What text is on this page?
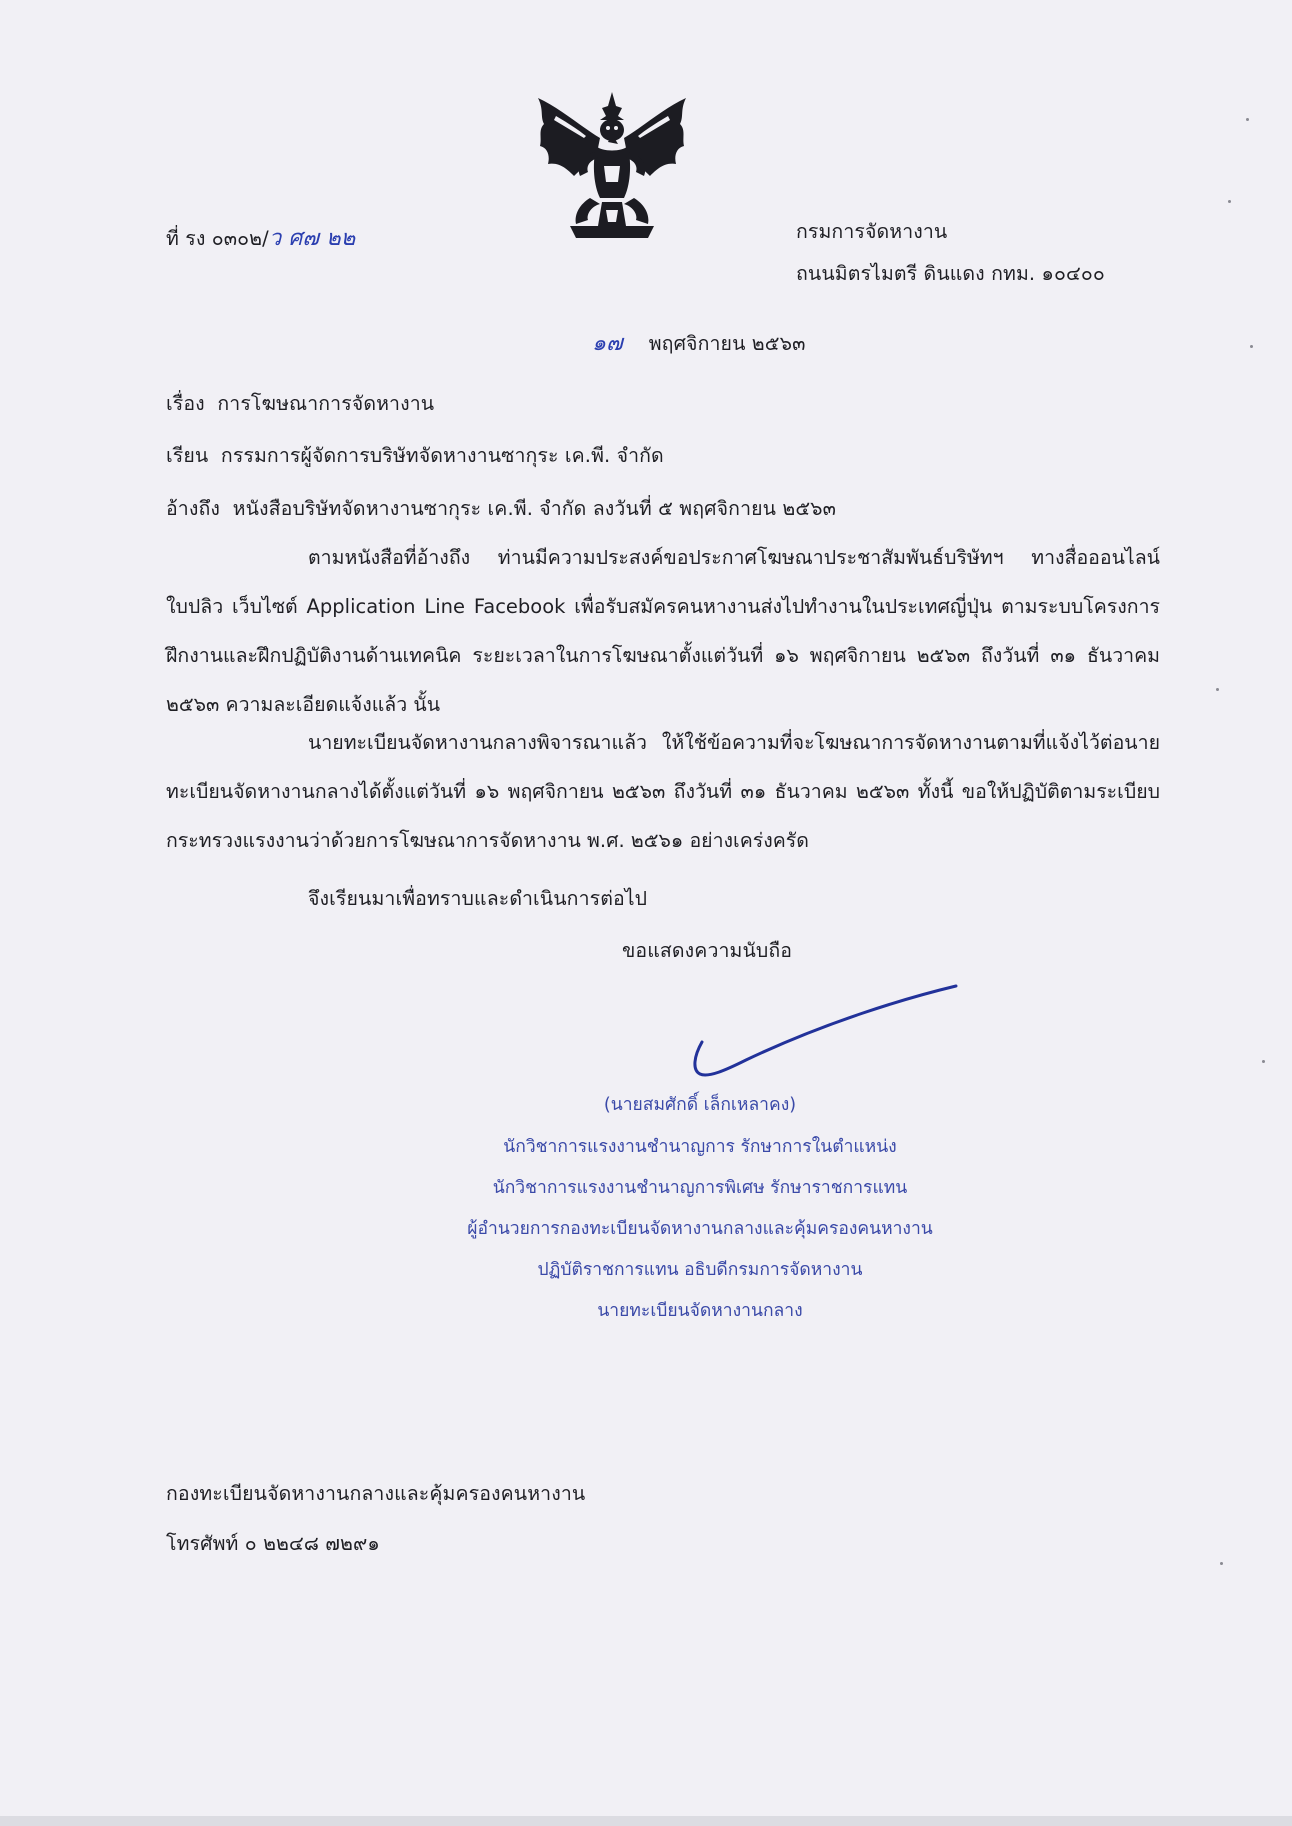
ที่ รง ๐๓๐๒/ว ศ๗ ๒๒	กรมการจัดหางาน
ถนนมิตรไมตรี ดินแดง กทม. ๑๐๔๐๐
๑๗ พฤศจิกายน ๒๕๖๓
เรื่อง การโฆษณาการจัดหางาน
เรียน กรรมการผู้จัดการบริษัทจัดหางานซากุระ เค.พี. จำกัด
อ้างถึง หนังสือบริษัทจัดหางานซากุระ เค.พี. จำกัด ลงวันที่ ๕ พฤศจิกายน ๒๕๖๓
ตามหนังสือที่อ้างถึง ท่านมีความประสงค์ขอประกาศโฆษณาประชาสัมพันธ์บริษัทฯ ทางสื่อออนไลน์ ใบปลิว เว็บไซต์ Application Line Facebook เพื่อรับสมัครคนหางานส่งไปทำงานในประเทศญี่ปุ่น ตามระบบโครงการฝึกงานและฝึกปฏิบัติงานด้านเทคนิค ระยะเวลาในการโฆษณาตั้งแต่วันที่ ๑๖ พฤศจิกายน ๒๕๖๓ ถึงวันที่ ๓๑ ธันวาคม ๒๕๖๓ ความละเอียดแจ้งแล้ว นั้น
นายทะเบียนจัดหางานกลางพิจารณาแล้ว ให้ใช้ข้อความที่จะโฆษณาการจัดหางานตามที่แจ้งไว้ต่อนายทะเบียนจัดหางานกลางได้ตั้งแต่วันที่ ๑๖ พฤศจิกายน ๒๕๖๓ ถึงวันที่ ๓๑ ธันวาคม ๒๕๖๓ ทั้งนี้ ขอให้ปฏิบัติตามระเบียบกระทรวงแรงงานว่าด้วยการโฆษณาการจัดหางาน พ.ศ. ๒๕๖๑ อย่างเคร่งครัด
จึงเรียนมาเพื่อทราบและดำเนินการต่อไป
ขอแสดงความนับถือ
(นายสมศักดิ์ เล็กเหลาคง)
นักวิชาการแรงงานชำนาญการ รักษาการในตำแหน่ง
นักวิชาการแรงงานชำนาญการพิเศษ รักษาราชการแทน
ผู้อำนวยการกองทะเบียนจัดหางานกลางและคุ้มครองคนหางาน
ปฏิบัติราชการแทน อธิบดีกรมการจัดหางาน
นายทะเบียนจัดหางานกลาง
กองทะเบียนจัดหางานกลางและคุ้มครองคนหางาน
โทรศัพท์ ๐ ๒๒๔๘ ๗๒๙๑
